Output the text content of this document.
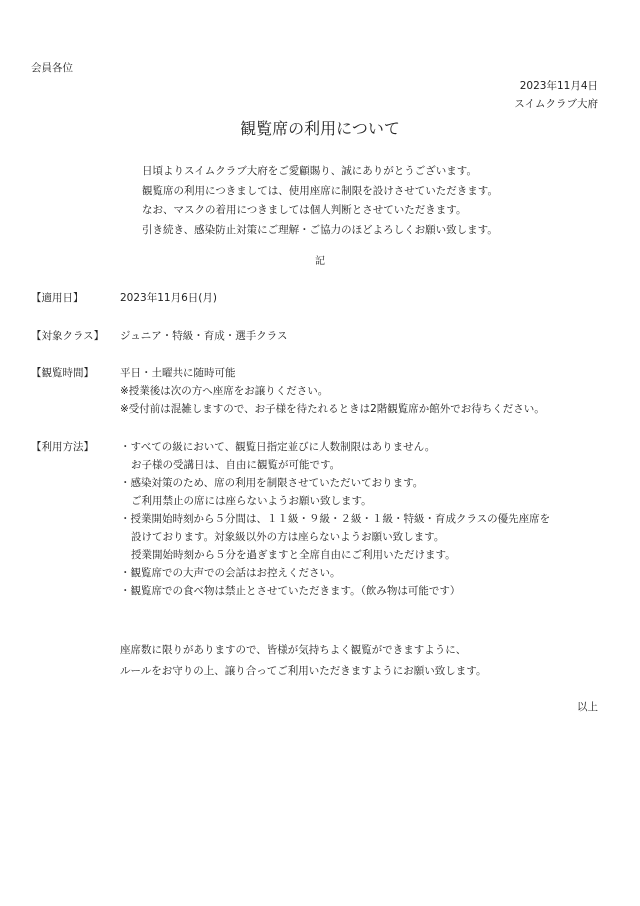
会員各位
2023年11月4日
スイムクラブ大府
観覧席の利用について
日頃よりスイムクラブ大府をご愛顧賜り、誠にありがとうございます。
観覧席の利用につきましては、使用座席に制限を設けさせていただきます。
なお、マスクの着用につきましては個人判断とさせていただきます。
引き続き、感染防止対策にご理解・ご協力のほどよろしくお願い致します。
記
【適用日】	2023年11月6日(月)
【対象クラス】 ジュニア・特級・育成・選手クラス
【観覧時間】 平日・土曜共に随時可能
※授業後は次の方へ座席をお譲りください。
※受付前は混雑しますので、お子様を待たれるときは2階観覧席か館外でお待ちください。
【利用方法】 ・すべての級において、観覧日指定並びに人数制限はありません。
お子様の受講日は、自由に観覧が可能です。
・感染対策のため、席の利用を制限させていただいております。
ご利用禁止の席には座らないようお願い致します。
・授業開始時刻から５分間は、１１級・９級・２級・１級・特級・育成クラスの優先座席を
設けております。対象級以外の方は座らないようお願い致します。
授業開始時刻から５分を過ぎますと全席自由にご利用いただけます。
・観覧席での大声での会話はお控えください。
・観覧席での食べ物は禁止とさせていただきます。（飲み物は可能です）
座席数に限りがありますので、皆様が気持ちよく観覧ができますように、
ルールをお守りの上、譲り合ってご利用いただきますようにお願い致します。
以上
